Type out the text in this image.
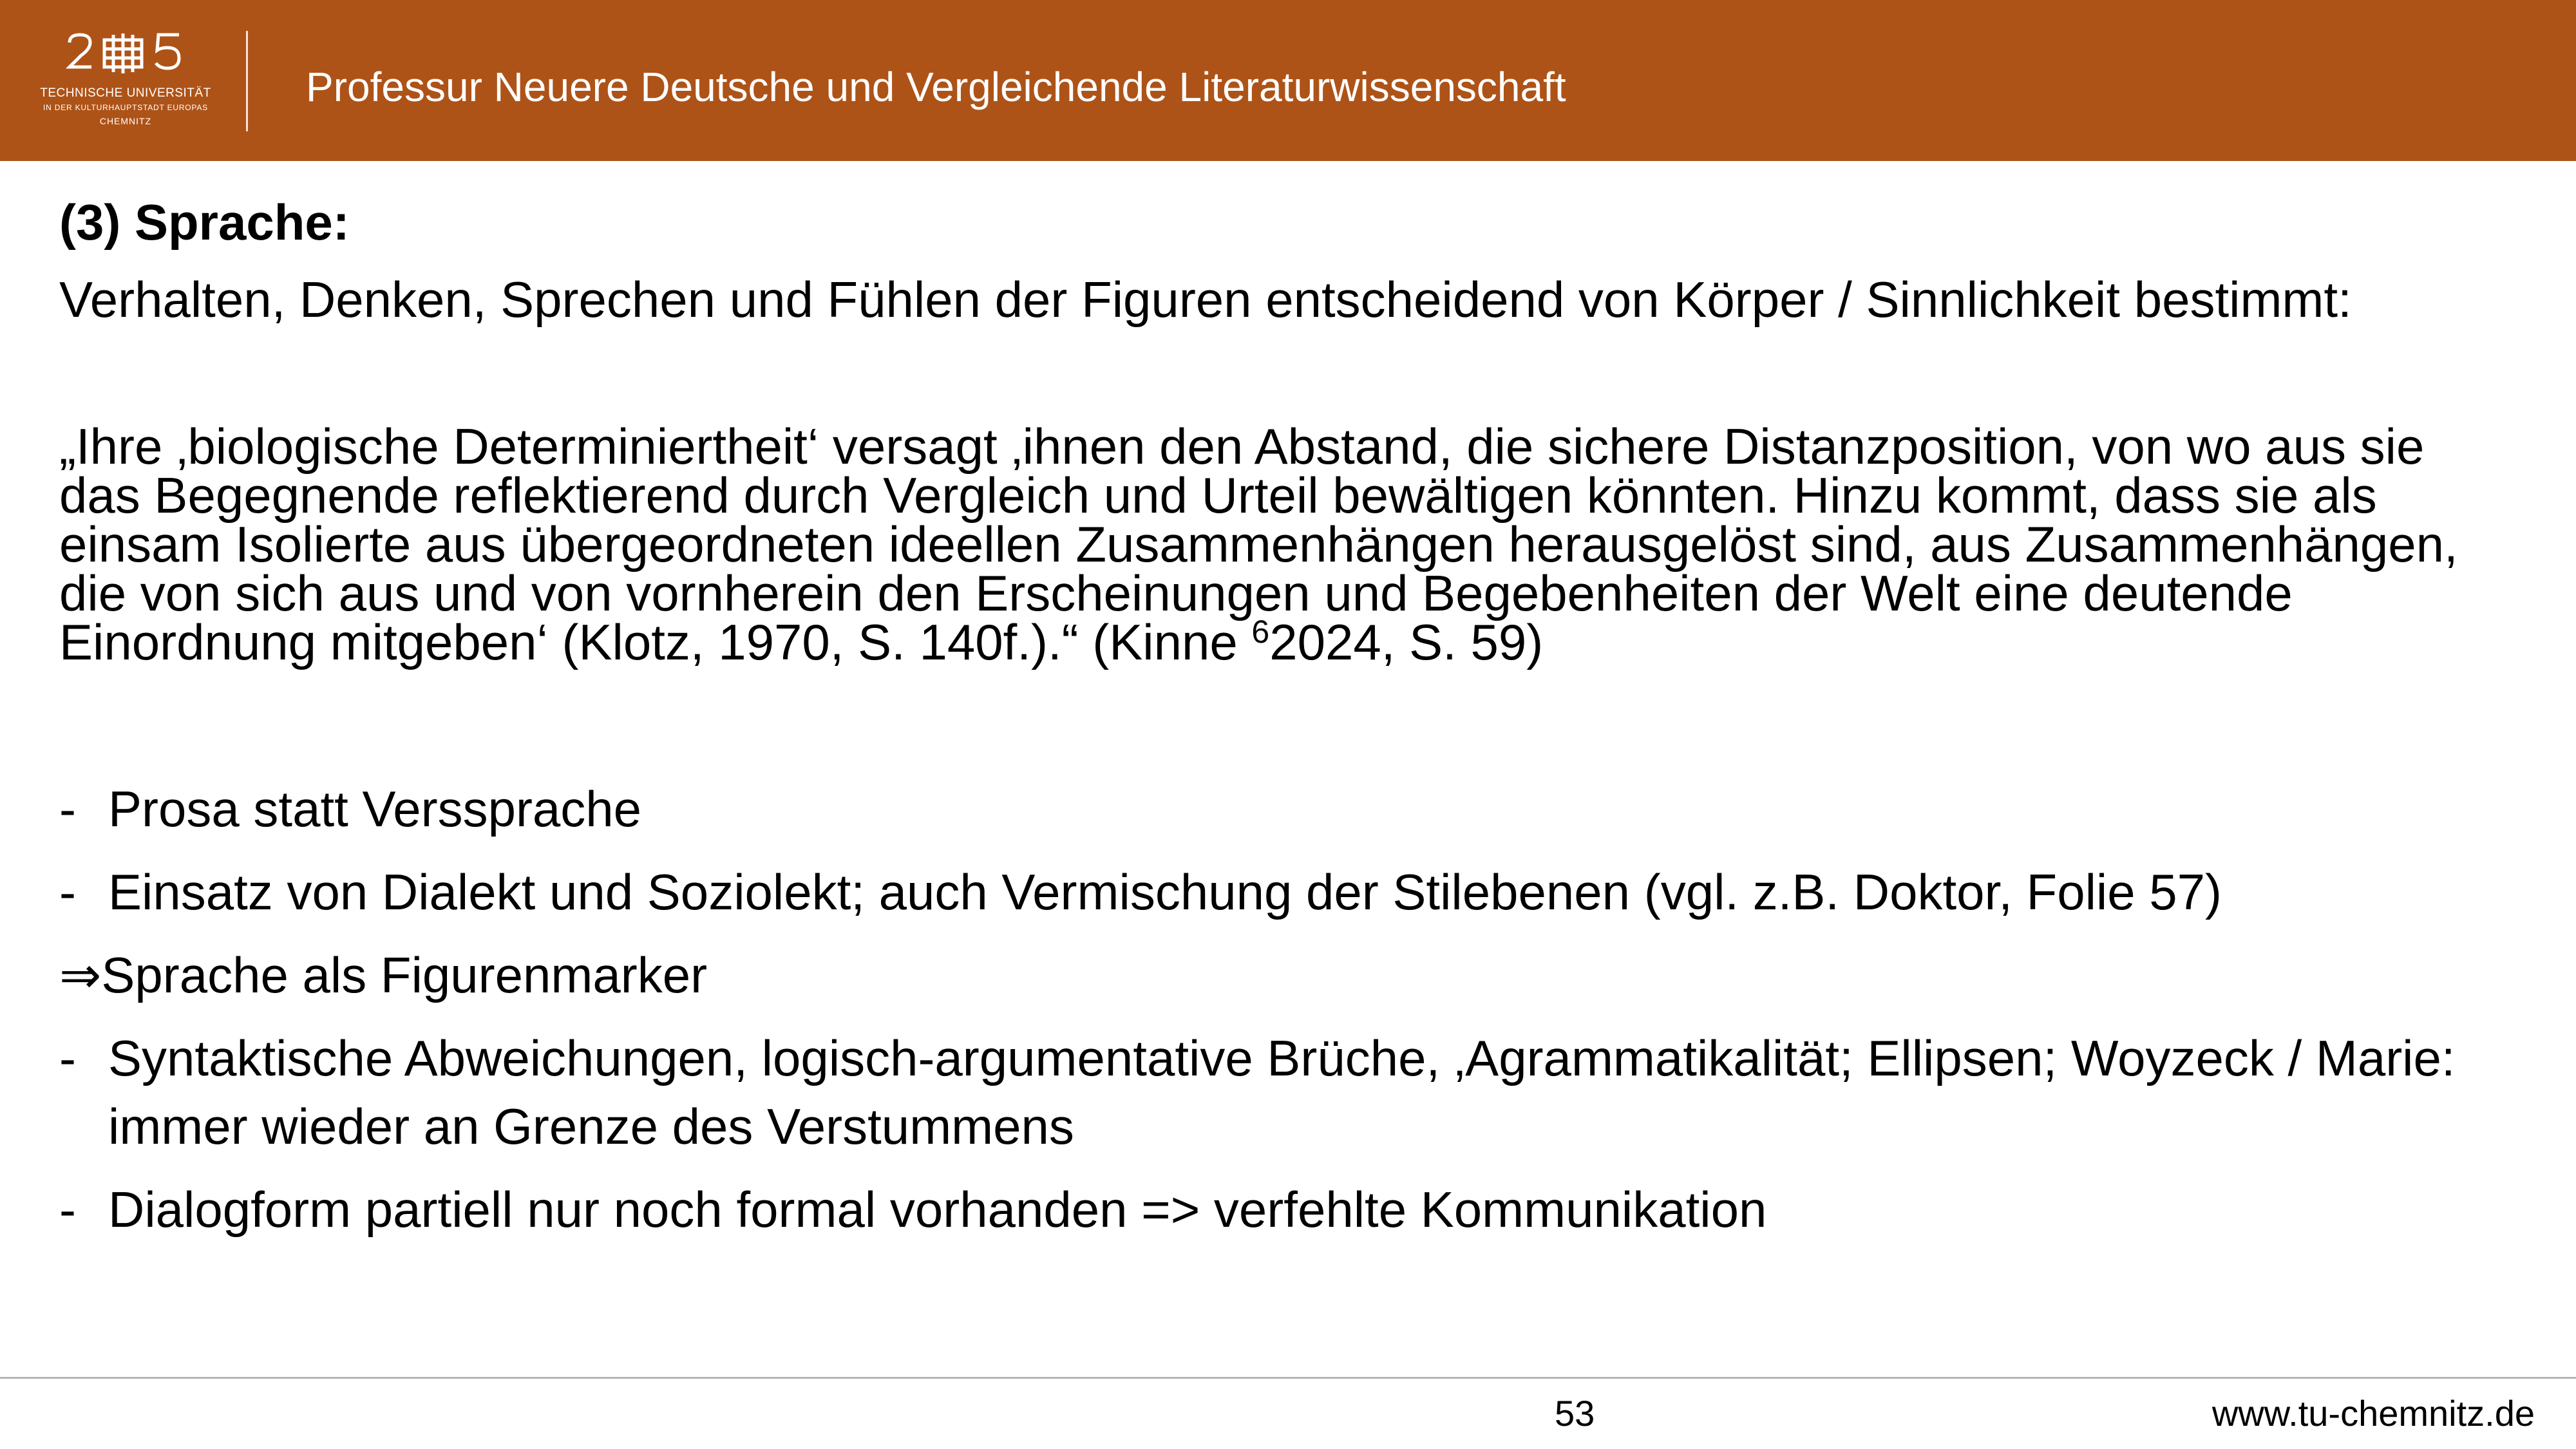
TECHNISCHE UNIVERSITÄT
IN DER KULTURHAUPTSTADT EUROPAS
CHEMNITZ
Professur Neuere Deutsche und Vergleichende Literaturwissenschaft
(3) Sprache:
Verhalten, Denken, Sprechen und Fühlen der Figuren entscheidend von Körper / Sinnlichkeit bestimmt:
„Ihre ‚biologische Determiniertheit‘ versagt ‚ihnen den Abstand, die sichere Distanzposition, von wo aus sie
das Begegnende reflektierend durch Vergleich und Urteil bewältigen könnten. Hinzu kommt, dass sie als
einsam Isolierte aus übergeordneten ideellen Zusammenhängen herausgelöst sind, aus Zusammenhängen,
die von sich aus und von vornherein den Erscheinungen und Begebenheiten der Welt eine deutende
Einordnung mitgeben‘ (Klotz, 1970, S. 140f.).“ (Kinne $^6$2024, S. 59)
- Prosa statt Verssprache
- Einsatz von Dialekt und Soziolekt; auch Vermischung der Stilebenen (vgl. z.B. Doktor, Folie 57)
⇒Sprache als Figurenmarker
- Syntaktische Abweichungen, logisch-argumentative Brüche, ‚Agrammatikalität; Ellipsen; Woyzeck / Marie:
immer wieder an Grenze des Verstummens
- Dialogform partiell nur noch formal vorhanden => verfehlte Kommunikation
53	www.tu-chemnitz.de
